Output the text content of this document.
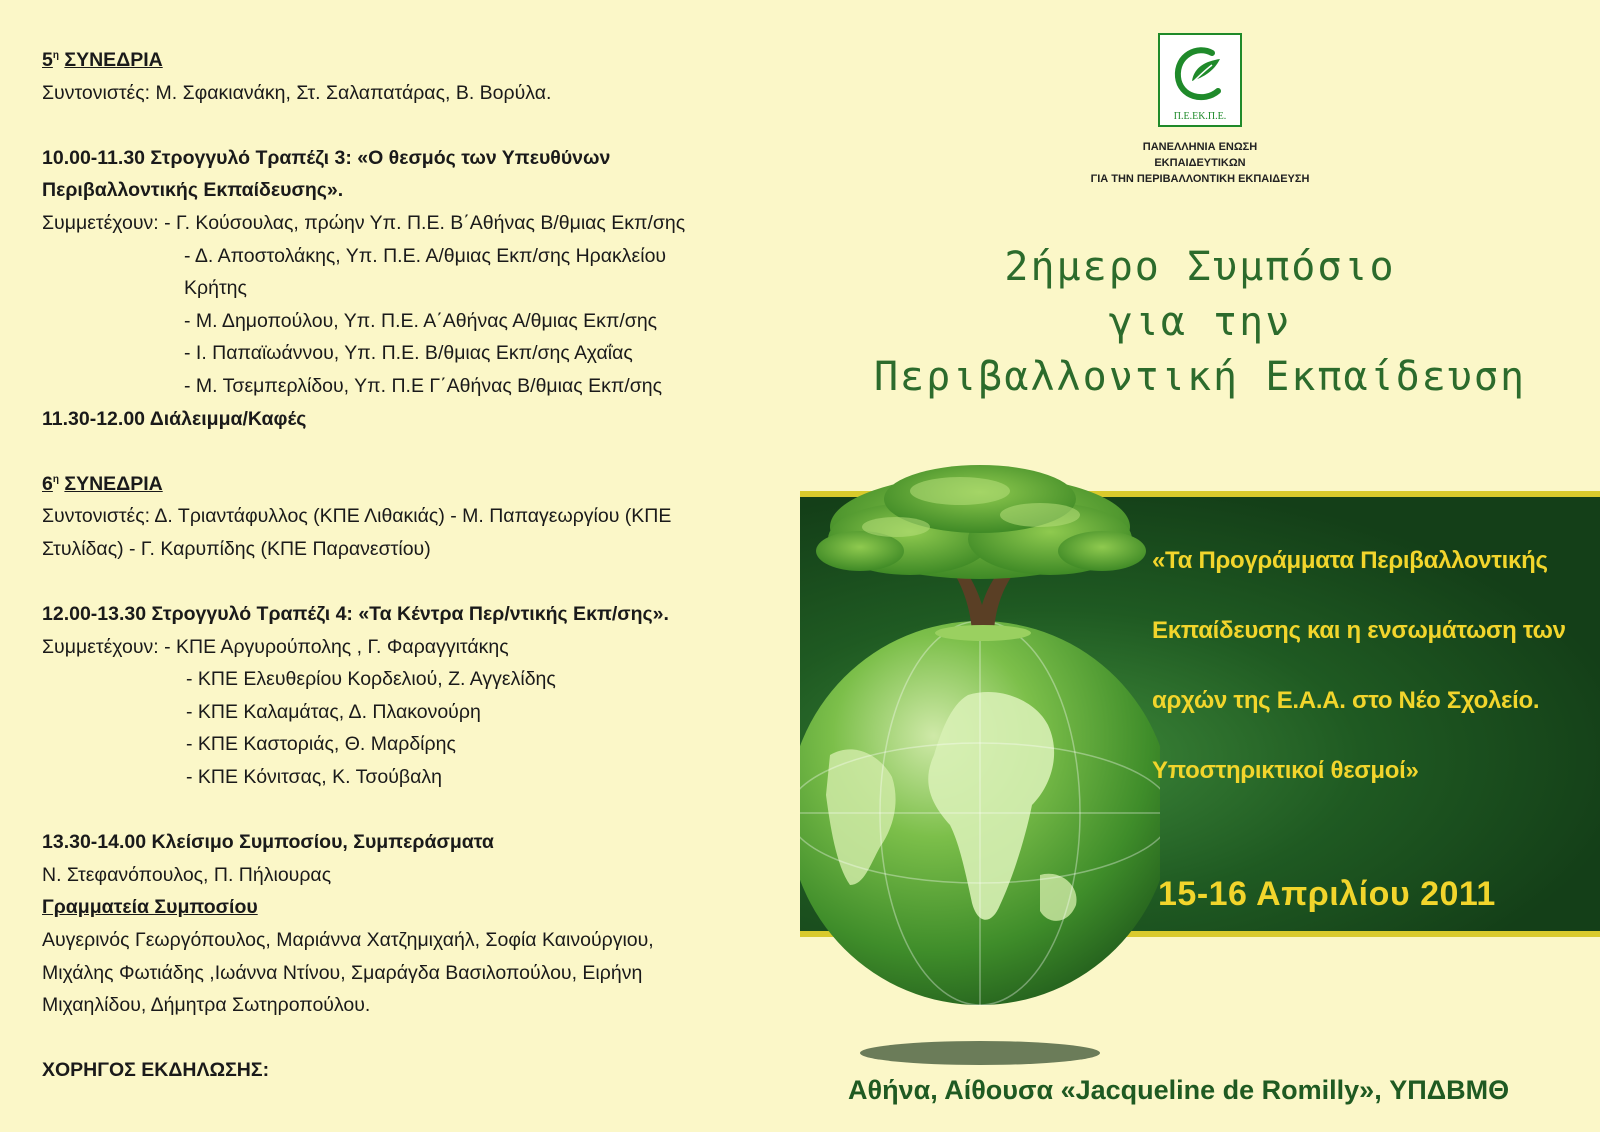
$5^\eta$ ΣΥΝΕΔΡΙΑ
Συντονιστές: Μ. Σφακιανάκη, Στ. Σαλαπατάρας, Β. Βορύλα.
10.00-11.30 Στρογγυλό Τραπέζι 3: «Ο θεσμός των Υπευθύνων
Περιβαλλοντικής Εκπαίδευσης».
Συμμετέχουν: - Γ. Κούσουλας, πρώην Υπ. Π.Ε. Β΄Αθήνας Β/θμιας Εκπ/σης
- Δ. Αποστολάκης, Υπ. Π.Ε. Α/θμιας Εκπ/σης Ηρακλείου
Κρήτης
- Μ. Δημοπούλου, Υπ. Π.Ε. Α΄Αθήνας Α/θμιας Εκπ/σης
- Ι. Παπαϊωάννου, Υπ. Π.Ε. Β/θμιας Εκπ/σης Αχαΐας
- Μ. Τσεμπερλίδου, Υπ. Π.Ε Γ΄Αθήνας Β/θμιας Εκπ/σης
11.30-12.00 Διάλειμμα/Καφές
$6^\eta$ ΣΥΝΕΔΡΙΑ
Συντονιστές: Δ. Τριαντάφυλλος (ΚΠΕ Λιθακιάς) - Μ. Παπαγεωργίου (ΚΠΕ
Στυλίδας) - Γ. Καρυπίδης (ΚΠΕ Παρανεστίου)
12.00-13.30 Στρογγυλό Τραπέζι 4: «Τα Κέντρα Περ/ντικής Εκπ/σης».
Συμμετέχουν: - ΚΠΕ Αργυρούπολης , Γ. Φαραγγιτάκης
- ΚΠΕ Ελευθερίου Κορδελιού, Ζ. Αγγελίδης
- ΚΠΕ Καλαμάτας, Δ. Πλακονούρη
- ΚΠΕ Καστοριάς, Θ. Μαρδίρης
- ΚΠΕ Κόνιτσας, Κ. Τσούβαλη
13.30-14.00 Κλείσιμο Συμποσίου, Συμπεράσματα
Ν. Στεφανόπουλος, Π. Πήλιουρας
Γραμματεία Συμποσίου
Αυγερινός Γεωργόπουλος, Μαριάννα Χατζημιχαήλ, Σοφία Καινούργιου,
Μιχάλης Φωτιάδης ,Ιωάννα Ντίνου, Σμαράγδα Βασιλοπούλου, Ειρήνη
Μιχαηλίδου, Δήμητρα Σωτηροπούλου.
ΧΟΡΗΓΟΣ ΕΚΔΗΛΩΣΗΣ:
Π.Ε.ΕΚ.Π.Ε.
ΠΑΝΕΛΛΗΝΙΑ ΕΝΩΣΗ
ΕΚΠΑΙΔΕΥΤΙΚΩΝ
ΓΙΑ ΤΗΝ ΠΕΡΙΒΑΛΛΟΝΤΙΚΗ ΕΚΠΑΙΔΕΥΣΗ
2ήμερο Συμπόσιο
για την
Περιβαλλοντική Εκπαίδευση
«Τα Προγράμματα Περιβαλλοντικής
Εκπαίδευσης και η ενσωμάτωση των
αρχών της Ε.Α.Α. στο Νέο Σχολείο.
Υποστηρικτικοί θεσμοί»
15-16 Απριλίου 2011
Αθήνα, Αίθουσα «Jacqueline de Romilly», ΥΠΔΒΜΘ
